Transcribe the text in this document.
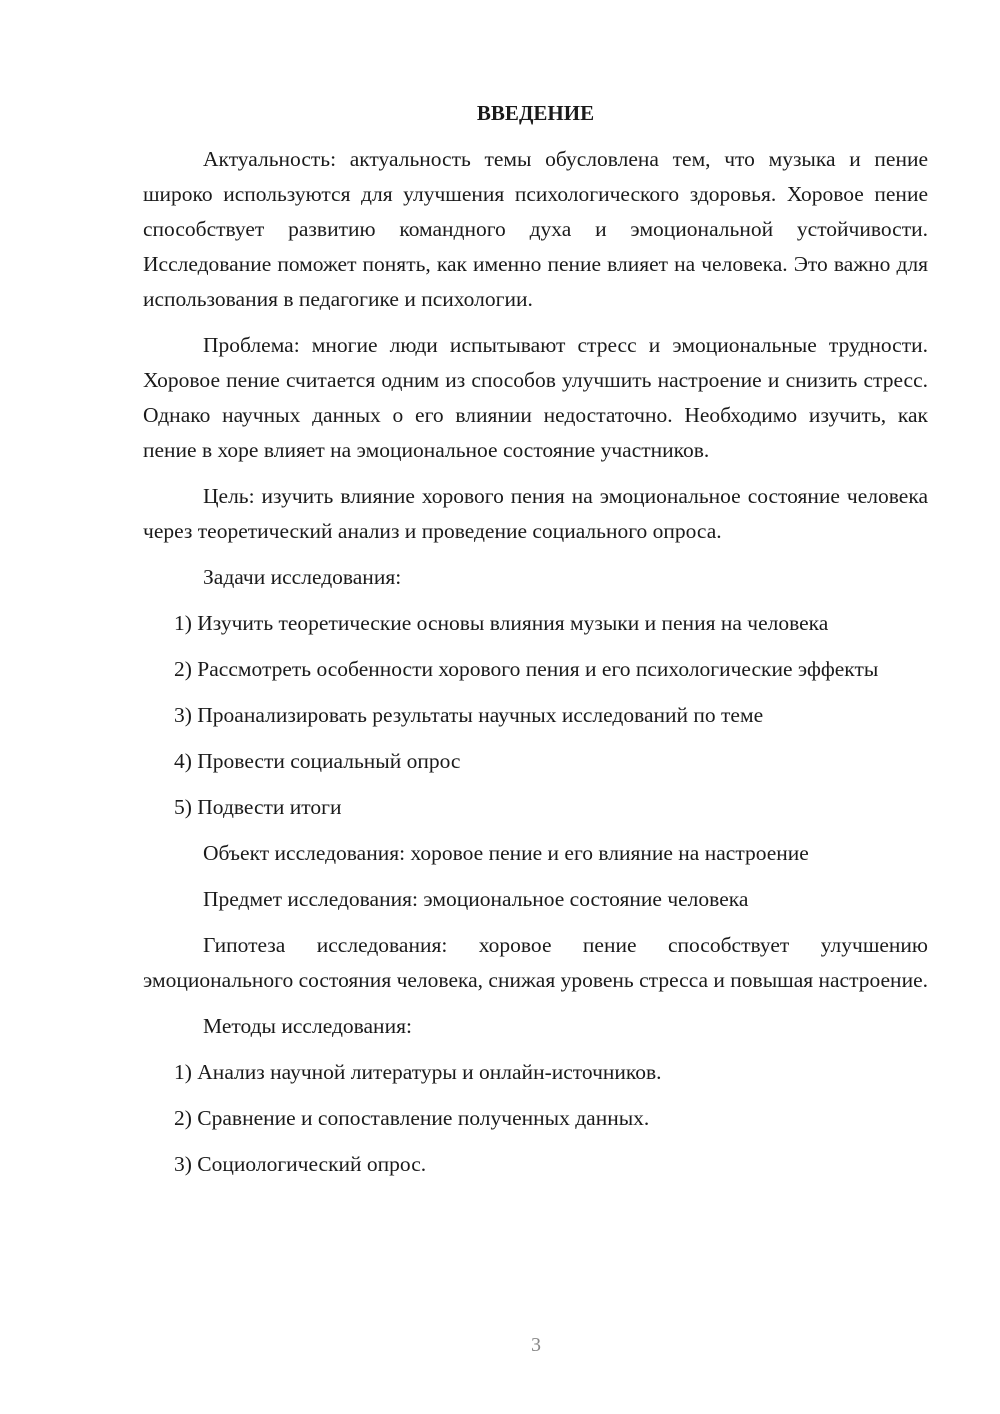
ВВЕДЕНИЕ

Актуальность: актуальность темы обусловлена тем, что музыка и пение широко используются для улучшения психологического здоровья. Хоровое пение способствует развитию командного духа и эмоциональной устойчивости. Исследование поможет понять, как именно пение влияет на человека. Это важно для использования в педагогике и психологии.

Проблема: многие люди испытывают стресс и эмоциональные трудности. Хоровое пение считается одним из способов улучшить настроение и снизить стресс. Однако научных данных о его влиянии недостаточно. Необходимо изучить, как пение в хоре влияет на эмоциональное состояние участников.

Цель: изучить влияние хорового пения на эмоциональное состояние человека через теоретический анализ и проведение социального опроса.

Задачи исследования:

1) Изучить теоретические основы влияния музыки и пения на человека

2) Рассмотреть особенности хорового пения и его психологические эффекты

3) Проанализировать результаты научных исследований по теме

4) Провести социальный опрос

5) Подвести итоги

Объект исследования: хоровое пение и его влияние на настроение

Предмет исследования: эмоциональное состояние человека

Гипотеза исследования: хоровое пение способствует улучшению эмоционального состояния человека, снижая уровень стресса и повышая настроение.

Методы исследования:

1) Анализ научной литературы и онлайн-источников.

2) Сравнение и сопоставление полученных данных.

3) Социологический опрос.

3
